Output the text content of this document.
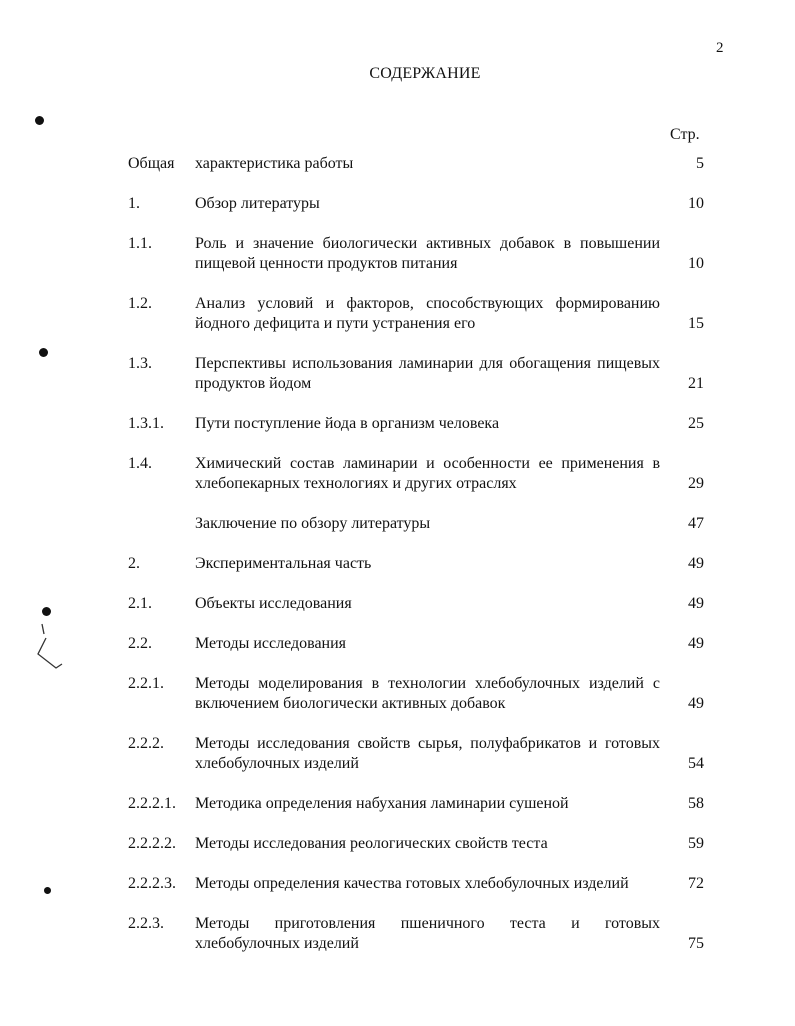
2
СОДЕРЖАНИЕ
Стр.
Общая характеристика работы	5
1.	Обзор литературы	10
1.1.	Роль и значение биологически активных добавок в повышении пищевой ценности продуктов питания	10
1.2.	Анализ условий и факторов, способствующих формированию йодного дефицита и пути устранения его	15
1.3.	Перспективы использования ламинарии для обогащения пищевых продуктов йодом	21
1.3.1. Пути поступление йода в организм человека	25
1.4.	Химический состав ламинарии и особенности ее применения в хлебопекарных технологиях и других отраслях	29
Заключение по обзору литературы	47
2.	Экспериментальная часть	49
2.1.	Объекты исследования	49
2.2.	Методы исследования	49
2.2.1. Методы моделирования в технологии хлебобулочных изделий с включением биологически активных добавок	49
2.2.2. Методы исследования свойств сырья, полуфабрикатов и готовых хлебобулочных изделий	54
2.2.2.1. Методика определения набухания ламинарии сушеной	58
2.2.2.2. Методы исследования реологических свойств теста	59
2.2.2.3. Методы определения качества готовых хлебобулочных изделий	72
2.2.3. Методы приготовления пшеничного теста и готовых хлебобулочных изделий	75
